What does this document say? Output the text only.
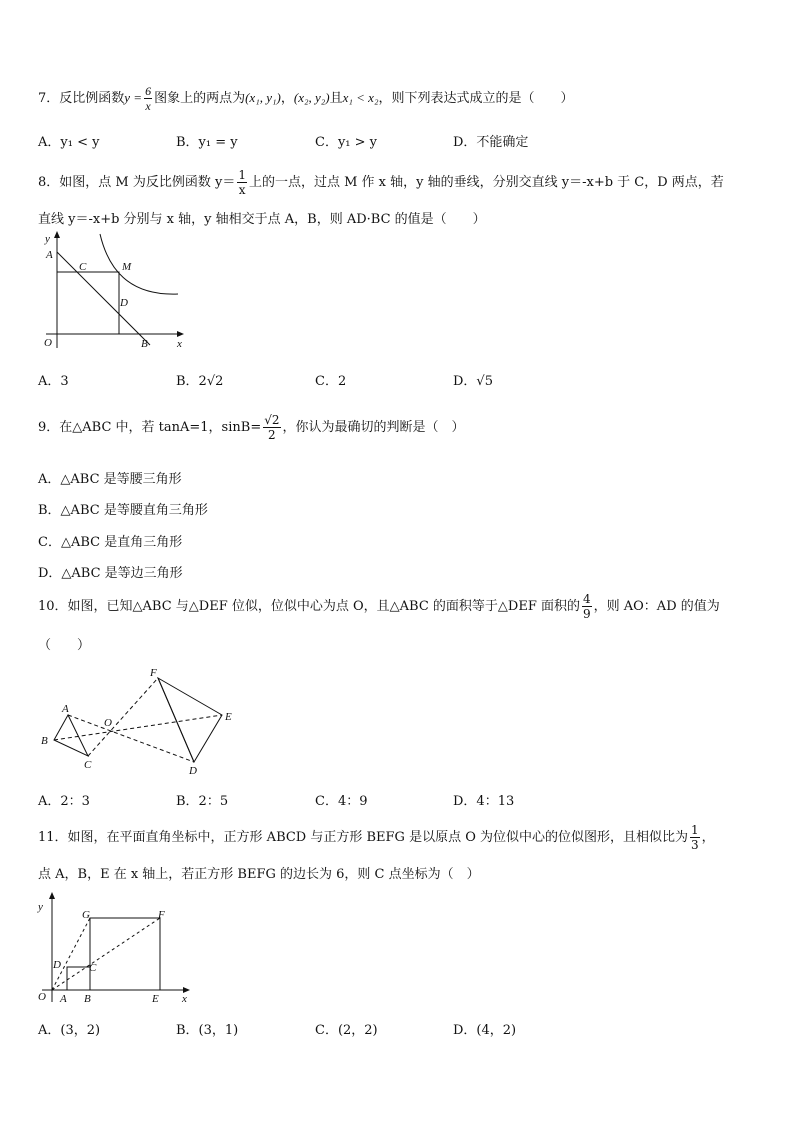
7．反比例函数$y = \frac{6}{x}$ 图象上的两点为(x₁, y₁)，(x₂, y₂)且x₁ < x₂，则下列表达式成立的是（　　）
A．y₁ < y	B．y₁ = y	C．y₁ > y	D．不能确定
8．如图，点 M 为反比例函数 $y= \frac{1}{x}$ 上的一点，过点 M 作 x 轴，y 轴的垂线，分别交直线 y＝-x+b 于 C，D 两点，若
直线 y＝-x+b 分别与 x 轴，y 轴相交于点 A，B，则 AD·BC 的值是（　　）
y
A
C	M
D
O	B	x
A．3	B．2√2	C．2	D．√5
9．在△ABC 中，若 tanA=1，$\sin B= \frac{√2}{2}$ ，你认为最确切的判断是（　）
A．△ABC 是等腰三角形
B．△ABC 是等腰直角三角形
C．△ABC 是直角三角形
D．△ABC 是等边三角形
10．如图，已知△ABC 与△DEF 位似，位似中心为点 O，且△ABC 的面积等于△DEF 面积的 $\frac{4}{9}$ ，则 AO：AD 的值为
（　　）
F
A
O	E
B
C	D
A．2：3	B．2：5	C．4：9	D．4：13
11．如图，在平面直角坐标中，正方形 ABCD 与正方形 BEFG 是以原点 O 为位似中心的位似图形，且相似比为 $\frac{1}{3}$ ，
点 A，B，E 在 x 轴上，若正方形 BEFG 的边长为 6，则 C 点坐标为（　）
y
G	F
D	C
O A B	E x
A．(3，2)	B．(3，1)	C．(2，2)	D．(4，2)
